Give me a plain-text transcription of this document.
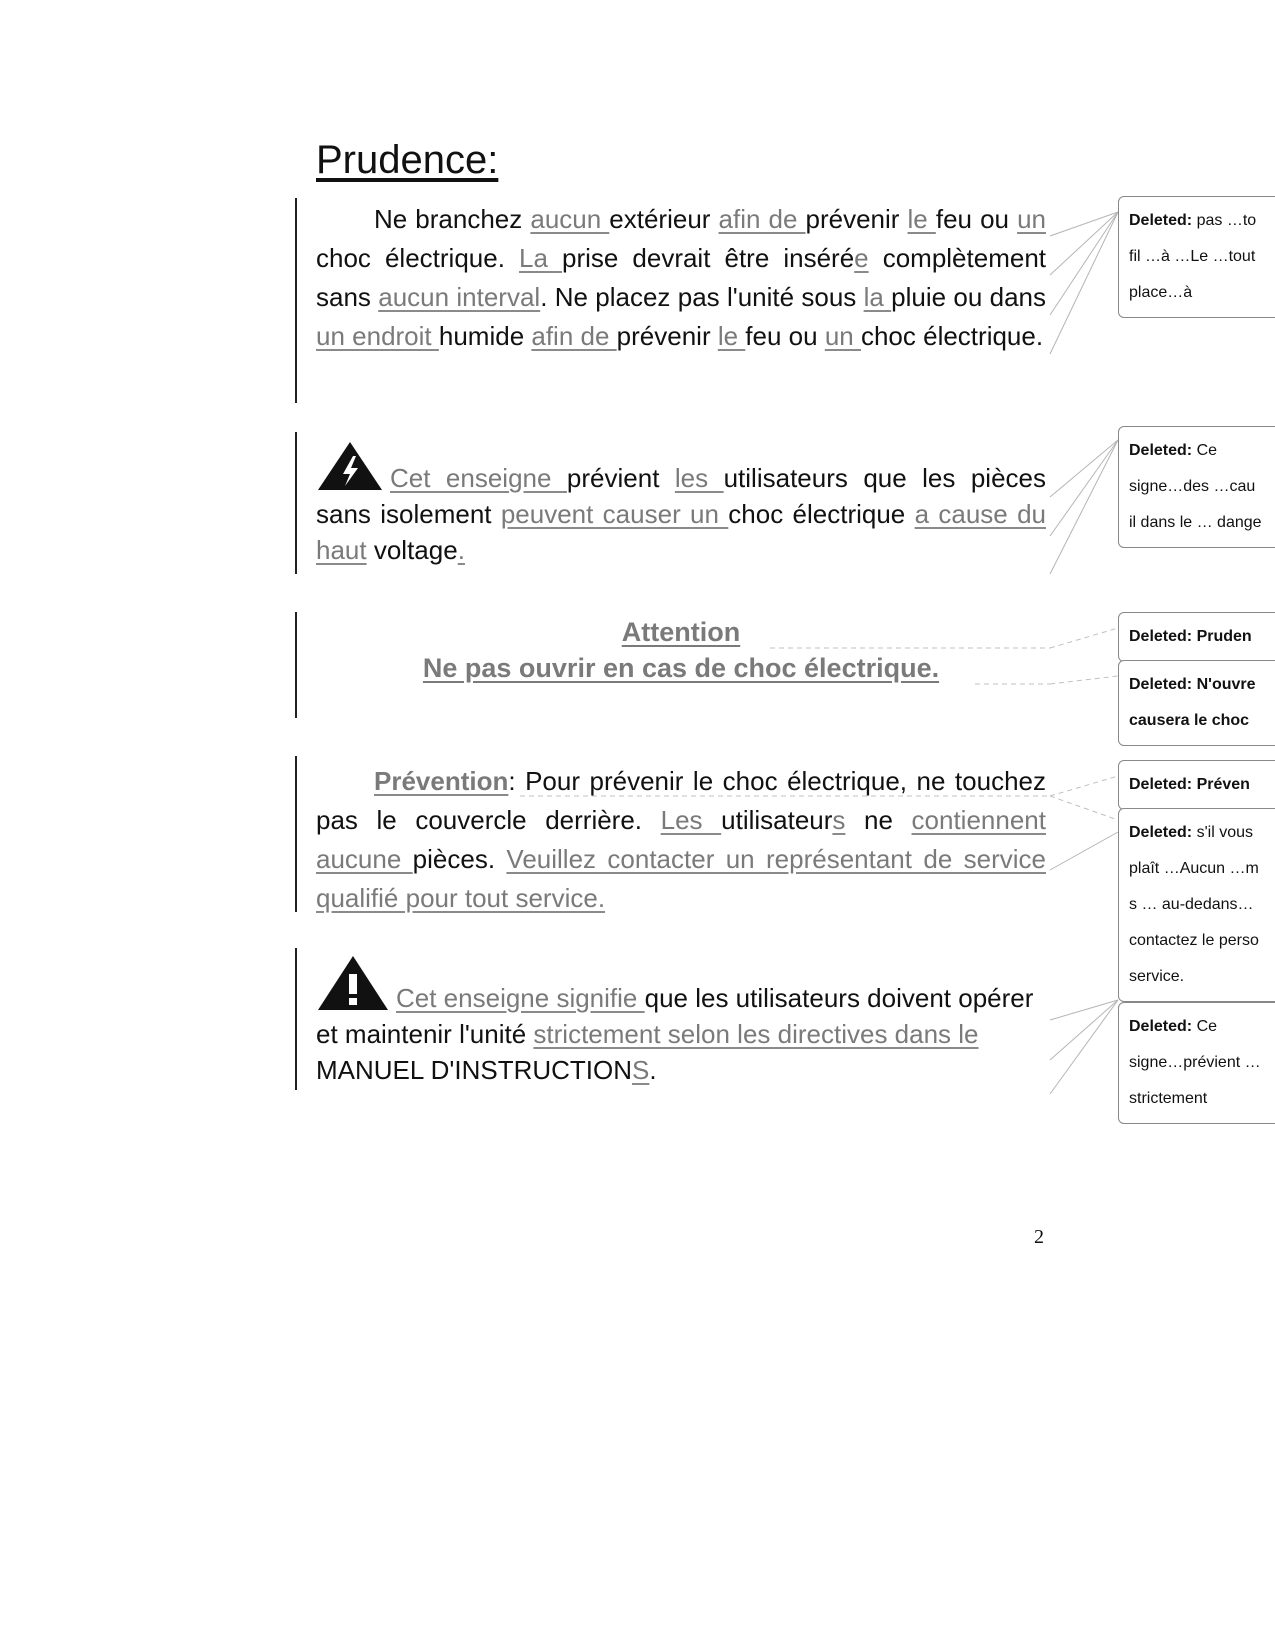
Prudence:

Ne branchez aucun extérieur afin de prévenir le feu ou un choc électrique. La prise devrait être insérée complètement sans aucun interval. Ne placez pas l'unité sous la pluie ou dans un endroit humide afin de prévenir le feu ou un choc électrique.

Cet enseigne prévient les utilisateurs que les pièces sans isolement peuvent causer un choc électrique a cause du haut voltage.

Attention
Ne pas ouvrir en cas de choc électrique.

Prévention: Pour prévenir le choc électrique, ne touchez pas le couvercle derrière. Les utilisateurs ne contiennent aucune pièces. Veuillez contacter un représentant de service qualifié pour tout service.

Cet enseigne signifie que les utilisateurs doivent opérer et maintenir l'unité strictement selon les directives dans le MANUEL D'INSTRUCTIONS.

2
Deleted: pas …to
fil …à …Le …tout
place…à
Deleted: Ce
signe…des …cau
il dans le … dange
Deleted: Pruden
Deleted: N'ouvre
causera le choc
Deleted: Préven
Deleted: s'il vous
plaît …Aucun …m
s … au-dedans…
contactez le perso
service.
Deleted: Ce
signe…prévient …
strictement
